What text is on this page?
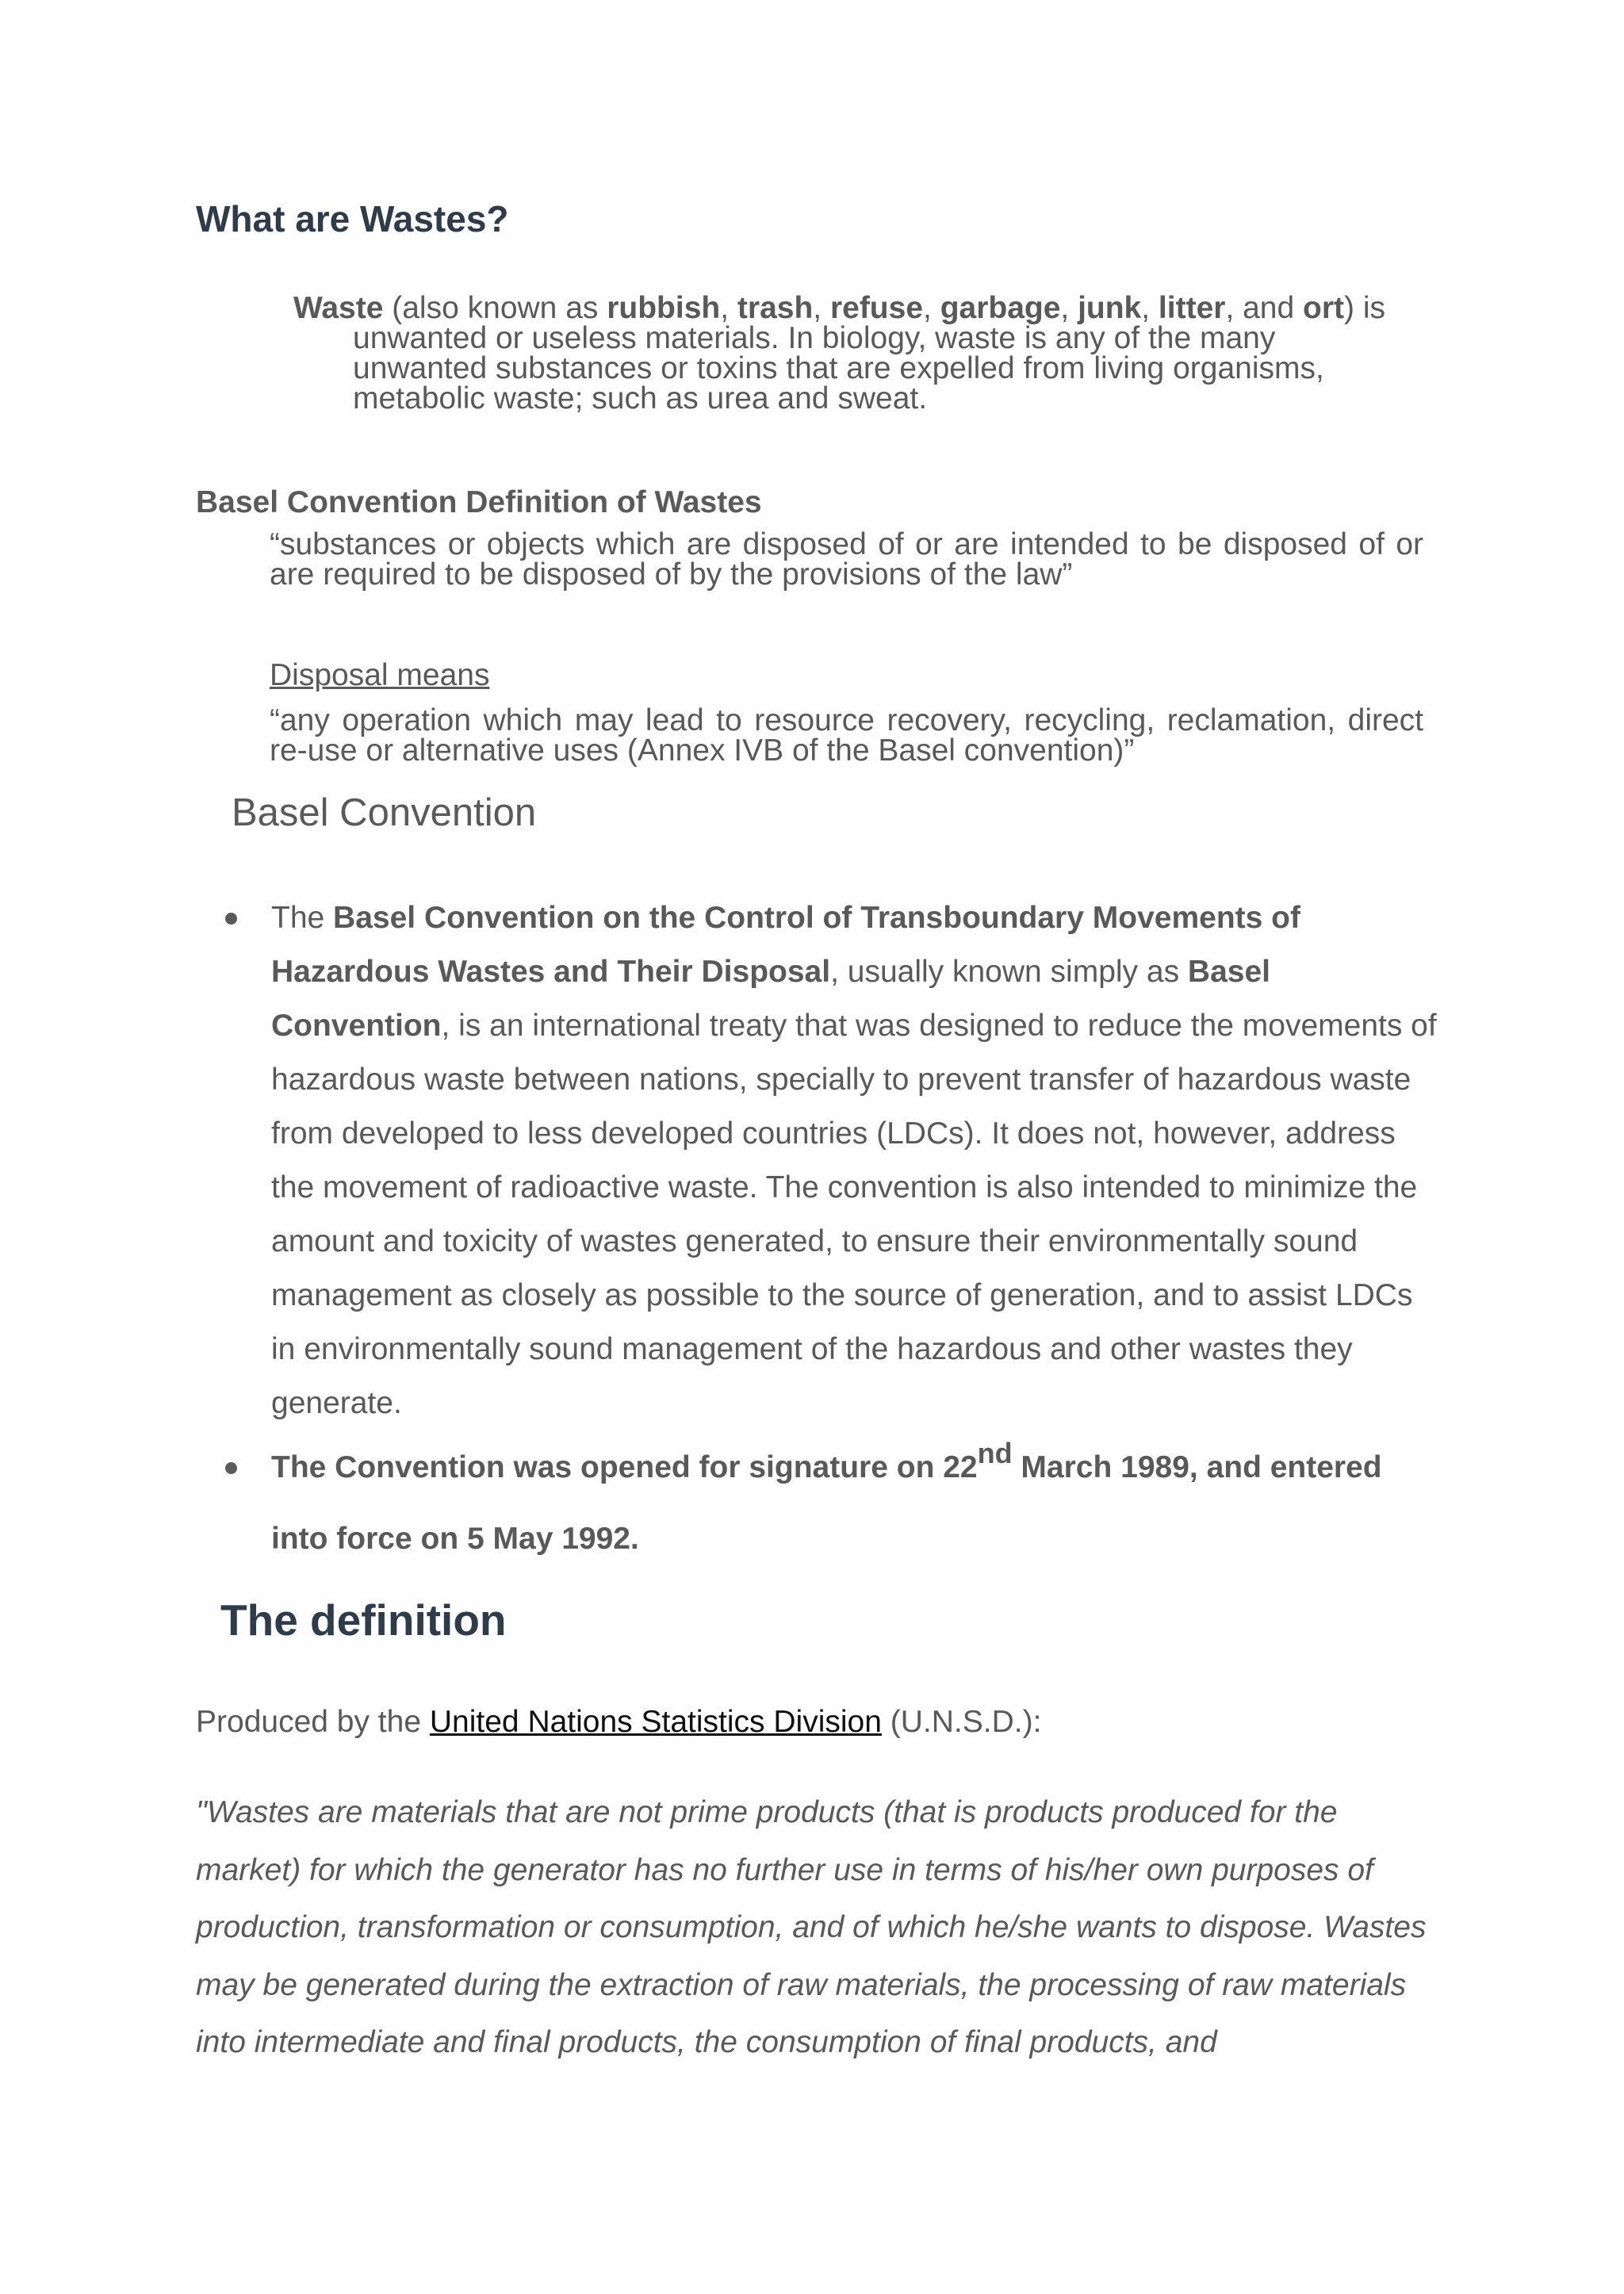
What are Wastes?

Waste (also known as rubbish, trash, refuse, garbage, junk, litter, and ort) is
unwanted or useless materials. In biology, waste is any of the many unwanted substances or toxins that are expelled from living organisms, metabolic waste; such as urea and sweat.

Basel Convention Definition of Wastes

“substances or objects which are disposed of or are intended to be disposed of or are required to be disposed of by the provisions of the law”

Disposal means

“any operation which may lead to resource recovery, recycling, reclamation, direct re-use or alternative uses (Annex IVB of the Basel convention)”

Basel Convention
The Basel Convention on the Control of Transboundary Movements of Hazardous Wastes and Their Disposal, usually known simply as Basel Convention, is an international treaty that was designed to reduce the movements of hazardous waste between nations, specially to prevent transfer of hazardous waste from developed to less developed countries (LDCs). It does not, however, address the movement of radioactive waste. The convention is also intended to minimize the amount and toxicity of wastes generated, to ensure their environmentally sound management as closely as possible to the source of generation, and to assist LDCs in environmentally sound management of the hazardous and other wastes they generate.
The Convention was opened for signature on 22nd March 1989, and entered into force on 5 May 1992.
The definition

Produced by the United Nations Statistics Division (U.N.S.D.):

"Wastes are materials that are not prime products (that is products produced for the market) for which the generator has no further use in terms of his/her own purposes of production, transformation or consumption, and of which he/she wants to dispose. Wastes may be generated during the extraction of raw materials, the processing of raw materials into intermediate and final products, the consumption of final products, and
